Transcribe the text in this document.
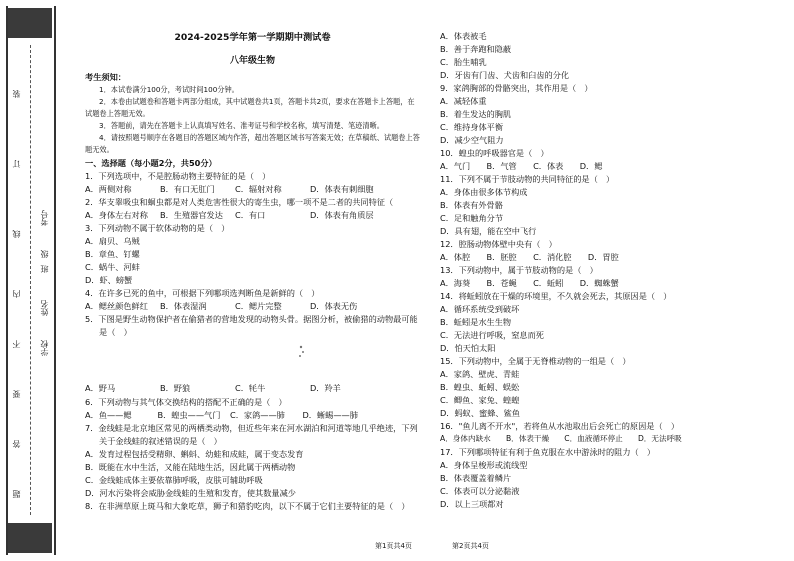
学校
姓名
班
级
考号
装
订
线
内
不
要
答
题
2024-2025学年第一学期期中测试卷
八年级生物
考生须知：
1．本试卷满分100分，考试时间100分钟。
2．本卷由试题卷和答题卡两部分组成，其中试题卷共1页，答题卡共2页，要求在答题卡上答题，在
试题卷上答题无效。
3．答题前，请先在答题卡上认真填写姓名、准考证号和学校名称，填写清楚、笔迹清晰。
4．请按照题号顺序在各题目的答题区域内作答，超出答题区域书写答案无效；在草稿纸、试题卷上答
题无效。
一、选择题（每小题2分，共50分）
1．下列选项中，不是腔肠动物主要特征的是（　）
A．两侧对称	B．有口无肛门	C．辐射对称	D．体表有刺细胞
2．华支睾吸虫和蛔虫都是对人类危害性很大的寄生虫，哪一项不是二者的共同特征（
A．身体左右对称	B．生殖器官发达	C．有口	D．体表有角质层
3．下列动物不属于软体动物的是（　）
A．扇贝、乌贼
B．章鱼、钉螺
C．蜗牛、河蚌
D．虾、螃蟹
4．在许多已死的鱼中，可根据下列哪项选判断鱼是新鲜的（　）
A．鳃丝颜色鲜红	B．体表湿润	C．鳃片完整	D．体表无伤
5．下图是野生动物保护者在偷猎者的营地发现的动物头骨。据图分析，被偷猎的动物最可能
是（　）
A．野马	B．野狼	C．牦牛	D．羚羊
6．下列动物与其气体交换结构的搭配不正确的是（　）
A．鱼——鳃	B．蝗虫——气门	C．家鸽——肺	D．蜥蜴——肺
7．金线蛙是北京地区常见的两栖类动物，但近些年来在河水湖泊和河道等地几乎绝迹，下列
关于金线蛙的叙述错误的是（　）
A．发育过程包括受精卵、蝌蚪、幼蛙和成蛙，属于变态发育
B．既能在水中生活，又能在陆地生活，因此属于两栖动物
C．金线蛙成体主要依靠肺呼吸，皮肤可辅助呼吸
D．河水污染将会威胁金线蛙的生殖和发育，使其数量减少
8．在非洲草原上斑马和大象吃草，狮子和猎豹吃肉，以下不属于它们主要特征的是（　）
第1页共4页
A．体表被毛
B．善于奔跑和隐蔽
C．胎生哺乳
D．牙齿有门齿、犬齿和臼齿的分化
9．家鸽胸部的骨骼突出，其作用是（　）
A．减轻体重
B．着生发达的胸肌
C．维持身体平衡
D．减少空气阻力
10．蝗虫的呼吸器官是（　）
A．气门　　B．气管　　C．体表　　D．鳃
11．下列不属于节肢动物的共同特征的是（　）
A．身体由很多体节构成
B．体表有外骨骼
C．足和触角分节
D．具有翅，能在空中飞行
12．腔肠动物体壁中央有（　）
A．体腔　　B．胚腔　　C．消化腔　　D．胃腔
13．下列动物中，属于节肢动物的是（　）
A．海葵　　B．苍蝇　　C．蚯蚓　　D．蜘蛛蟹
14．将蚯蚓放在干燥的环境里，不久就会死去，其原因是（　）
A．循环系统受到破坏
B．蚯蚓是水生生物
C．无法进行呼吸，窒息而死
D．怕天怕太阳
15．下列动物中，全属于无脊椎动物的一组是（　）
A．家鸽、壁虎、青蛙
B．蝗虫、蚯蚓、蜈蚣
C．鲫鱼、家兔、蝗蝗
D．蚂蚁、蜜蜂、鲨鱼
16．"鱼儿离不开水"，若将鱼从水池取出后会死亡的原因是（　）
A．身体内缺水　　B．体表干燥　　C．血液循环停止　　D．无法呼吸
17．下列哪项特征有利于鱼克服在水中游泳时的阻力（　）
A．身体呈梭形或流线型
B．体表覆盖着鳞片
C．体表可以分泌黏液
D．以上三项都对
第2页共4页
